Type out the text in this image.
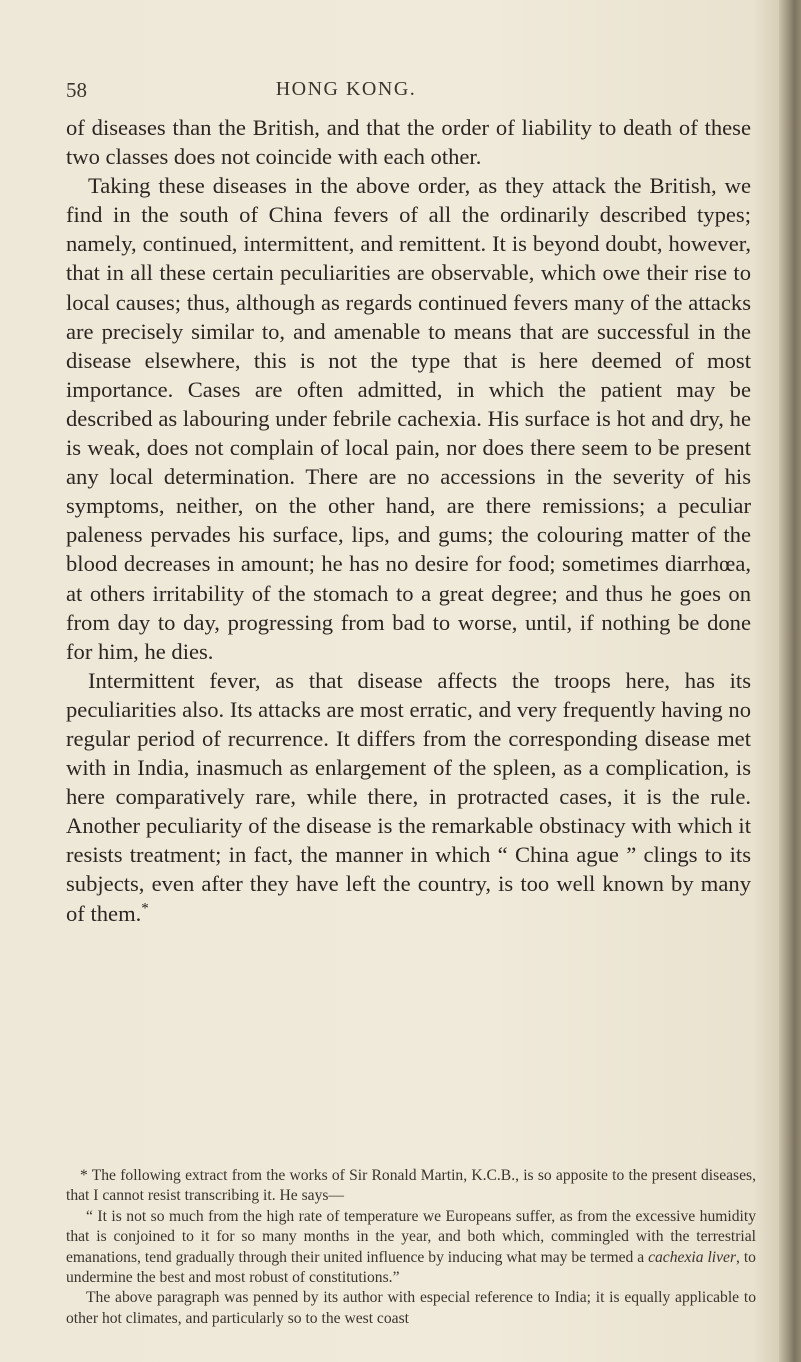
58	HONG KONG.

of diseases than the British, and that the order of liability to death of these two classes does not coincide with each other.

Taking these diseases in the above order, as they attack the British, we find in the south of China fevers of all the ordinarily described types; namely, continued, intermittent, and remittent. It is beyond doubt, however, that in all these certain peculiarities are observable, which owe their rise to local causes; thus, although as regards continued fevers many of the attacks are precisely similar to, and amenable to means that are successful in the disease elsewhere, this is not the type that is here deemed of most importance. Cases are often admitted, in which the patient may be described as labouring under febrile cachexia. His surface is hot and dry, he is weak, does not complain of local pain, nor does there seem to be present any local determination. There are no accessions in the severity of his symptoms, neither, on the other hand, are there remissions; a peculiar paleness pervades his surface, lips, and gums; the colouring matter of the blood decreases in amount; he has no desire for food; sometimes diarrhœa, at others irritability of the stomach to a great degree; and thus he goes on from day to day, progressing from bad to worse, until, if nothing be done for him, he dies.

Intermittent fever, as that disease affects the troops here, has its peculiarities also. Its attacks are most erratic, and very frequently having no regular period of recurrence. It differs from the corresponding disease met with in India, inasmuch as enlargement of the spleen, as a complication, is here comparatively rare, while there, in protracted cases, it is the rule. Another peculiarity of the disease is the remarkable obstinacy with which it resists treatment; in fact, the manner in which “ China ague ” clings to its subjects, even after they have left the country, is too well known by many of them.*

* The following extract from the works of Sir Ronald Martin, K.C.B., is so apposite to the present diseases, that I cannot resist transcribing it. He says—

“ It is not so much from the high rate of temperature we Europeans suffer, as from the excessive humidity that is conjoined to it for so many months in the year, and both which, commingled with the terrestrial emanations, tend gradually through their united influence by inducing what may be termed a cachexia liver, to undermine the best and most robust of constitutions.”

The above paragraph was penned by its author with especial reference to India; it is equally applicable to other hot climates, and particularly so to the west coast
